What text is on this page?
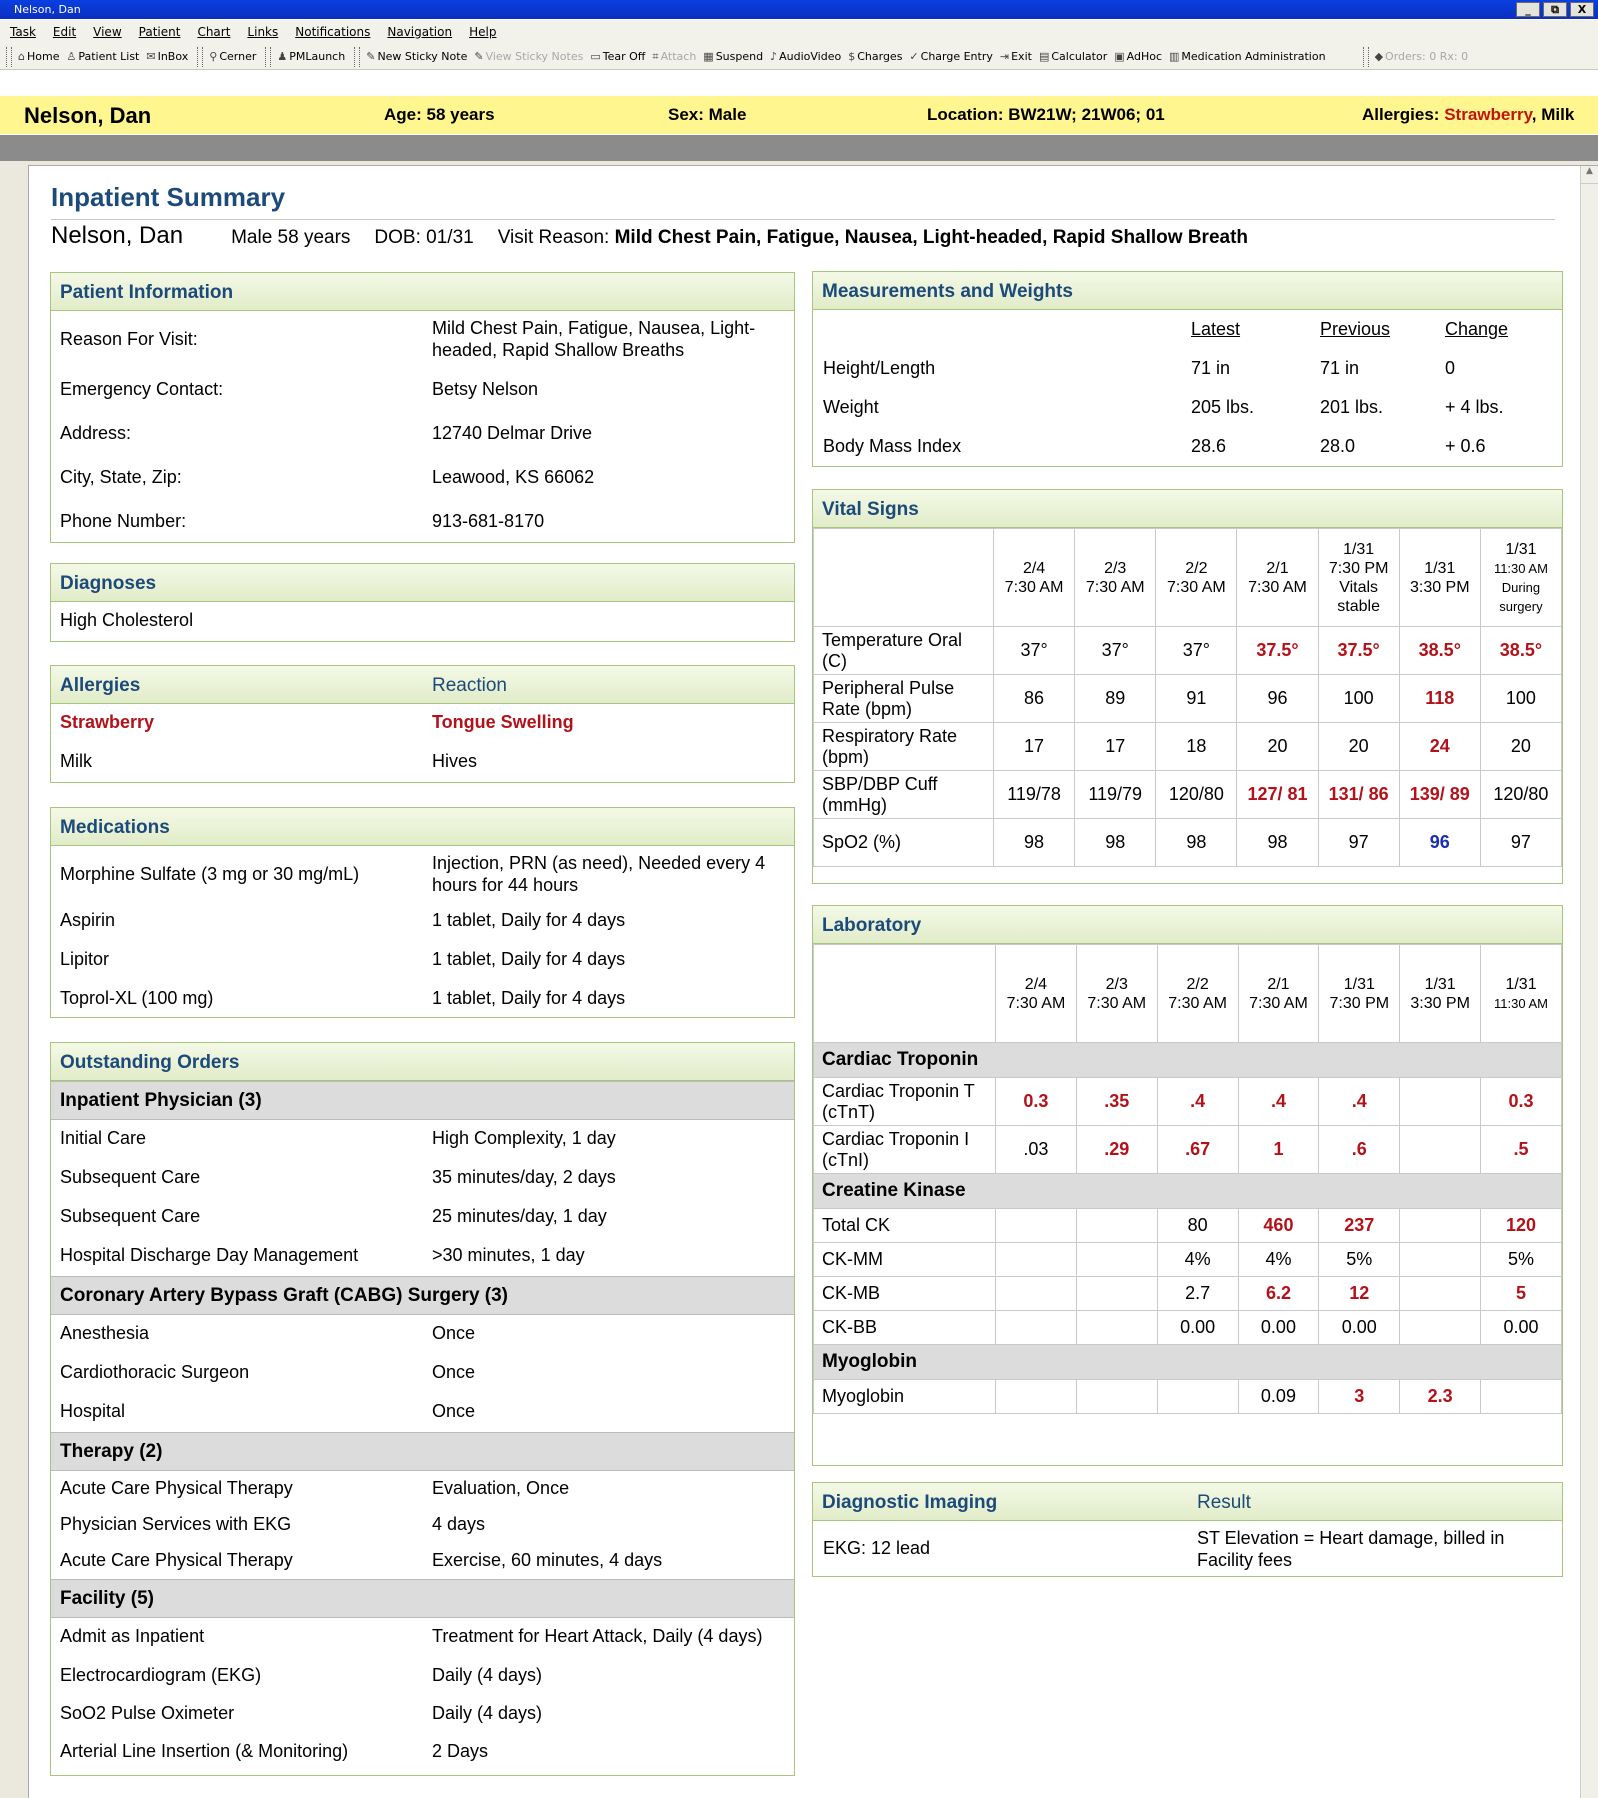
Nelson, Dan	_	⧉	X
Task Edit View Patient Chart Links Notifications Navigation Help
⌂ Home ♙ Patient List ✉ InBox ⚲ Cerner ♟ PMLaunch ✎ New Sticky Note ✎ View Sticky Notes ▭ Tear Off ⌗ Attach ▦ Suspend ♪ AudioVideo $ Charges ✓ Charge Entry ⇥ Exit ▤ Calculator ▣ AdHoc ▥ Medication Administration	◆ Orders: 0 Rx: 0
Nelson, Dan	Age: 58 years	Sex: Male	Location: BW21W; 21W06; 01	Allergies: Strawberry, Milk
▲
Inpatient Summary
Nelson, Dan	Male 58 years DOB: 01/31 Visit Reason: Mild Chest Pain, Fatigue, Nausea, Light-headed, Rapid Shallow Breath
Patient Information
Reason For Visit:
Mild Chest Pain, Fatigue, Nausea, Light-headed, Rapid Shallow Breaths
Emergency Contact:	Betsy Nelson
Address:	12740 Delmar Drive
City, State, Zip:	Leawood, KS 66062
Phone Number:	913-681-8170
Diagnoses
High Cholesterol
Allergies	Reaction
Strawberry	Tongue Swelling
Milk	Hives
Medications
Morphine Sulfate (3 mg or 30 mg/mL)
Injection, PRN (as need), Needed every 4 hours for 44 hours
Aspirin	1 tablet, Daily for 4 days
Lipitor	1 tablet, Daily for 4 days
Toprol-XL (100 mg)	1 tablet, Daily for 4 days
Outstanding Orders
Inpatient Physician (3)
Initial Care	High Complexity, 1 day
Subsequent Care	35 minutes/day, 2 days
Subsequent Care	25 minutes/day, 1 day
Hospital Discharge Day Management	>30 minutes, 1 day
Coronary Artery Bypass Graft (CABG) Surgery (3)
Anesthesia	Once
Cardiothoracic Surgeon	Once
Hospital	Once
Therapy (2)
Acute Care Physical Therapy	Evaluation, Once
Physician Services with EKG	4 days
Acute Care Physical Therapy	Exercise, 60 minutes, 4 days
Facility (5)
Admit as Inpatient	Treatment for Heart Attack, Daily (4 days)
Electrocardiogram (EKG)	Daily (4 days)
SoO2 Pulse Oximeter	Daily (4 days)
Arterial Line Insertion (& Monitoring)	2 Days
Measurements and Weights
	Latest	Previous	Change
Height/Length	71 in	71 in	0
Weight	205 lbs.	201 lbs.	+ 4 lbs.
Body Mass Index	28.6	28.0	+ 0.6
Vital Signs
	2/4
7:30 AM	2/3
7:30 AM	2/2
7:30 AM	2/1
7:30 AM	1/31
7:30 PM
Vitals stable	1/31
3:30 PM	1/31
11:30 AM
During surgery
Temperature Oral (C)	37°	37°	37°	37.5°	37.5°	38.5°	38.5°
Peripheral Pulse Rate (bpm)	86	89	91	96	100	118	100
Respiratory Rate (bpm)	17	17	18	20	20	24	20
SBP/DBP Cuff (mmHg)	119/78	119/79	120/80	127/ 81	131/ 86	139/ 89	120/80
SpO2 (%)	98	98	98	98	97	96	97
Laboratory
	2/4
7:30 AM	2/3
7:30 AM	2/2
7:30 AM	2/1
7:30 AM	1/31
7:30 PM	1/31
3:30 PM	1/31
11:30 AM
Cardiac Troponin							
Cardiac Troponin T (cTnT)	0.3	.35	.4	.4	.4		0.3
Cardiac Troponin I (cTnI)	.03	.29	.67	1	.6		.5
Creatine Kinase							
Total CK			80	460	237		120
CK-MM			4%	4%	5%		5%
CK-MB			2.7	6.2	12		5
CK-BB			0.00	0.00	0.00		0.00
Myoglobin							
Myoglobin				0.09	3	2.3	
Diagnostic Imaging	Result
EKG: 12 lead	ST Elevation = Heart damage, billed in Facility fees
